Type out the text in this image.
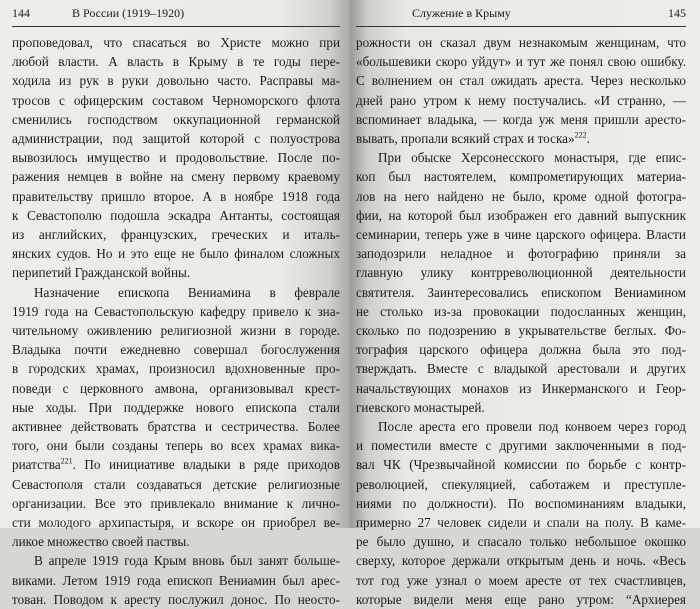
144	В России (1919–1920)
проповедовал, что спасаться во Христе можно при
любой власти. А власть в Крыму в те годы пере-
ходила из рук в руки довольно часто. Расправы ма-
тросов с офицерским составом Черноморского флота
сменились господством оккупационной германской
администрации, под защитой которой с полуострова
вывозилось имущество и продовольствие. После по-
ражения немцев в войне на смену первому краевому
правительству пришло второе. А в ноябре 1918 года
к Севастополю подошла эскадра Антанты, состоящая
из английских, французских, греческих и италь-
янских судов. Но и это еще не было финалом сложных
перипетий Гражданской войны.
Назначение епископа Вениамина в феврале
1919 года на Севастопольскую кафедру привело к зна-
чительному оживлению религиозной жизни в городе.
Владыка почти ежедневно совершал богослужения
в городских храмах, произносил вдохновенные про-
поведи с церковного амвона, организовывал крест-
ные ходы. При поддержке нового епископа стали
активнее действовать братства и сестричества. Более
того, они были созданы теперь во всех храмах вика-
риатства$^{221}$. По инициативе владыки в ряде приходов
Севастополя стали создаваться детские религиозные
организации. Все это привлекало внимание к лично-
сти молодого архипастыря, и вскоре он приобрел ве-
ликое множество своей паствы.
В апреле 1919 года Крым вновь был занят больше-
виками. Летом 1919 года епископ Вениамин был арес-
тован. Поводом к аресту послужил донос. По неосто-
Служение в Крыму	145
рожности он сказал двум незнакомым женщинам, что
«большевики скоро уйдут» и тут же понял свою ошибку.
С волнением он стал ожидать ареста. Через несколько
дней рано утром к нему постучались. «И странно, —
вспоминает владыка, — когда уж меня пришли аресто-
вывать, пропали всякий страх и тоска»$^{222}$.
При обыске Херсонесского монастыря, где епис-
коп был настоятелем, компрометирующих материа-
лов на него найдено не было, кроме одной фотогра-
фии, на которой был изображен его давний выпускник
семинарии, теперь уже в чине царского офицера. Власти
заподозрили неладное и фотографию приняли за
главную улику контрреволюционной деятельности
святителя. Заинтересовались епископом Вениамином
не столько из-за провокации подосланных женщин,
сколько по подозрению в укрывательстве беглых. Фо-
тография царского офицера должна была это под-
тверждать. Вместе с владыкой арестовали и других
начальствующих монахов из Инкерманского и Геор-
гиевского монастырей.
После ареста его провели под конвоем через город
и поместили вместе с другими заключенными в под-
вал ЧК (Чрезвычайной комиссии по борьбе с контр-
революцией, спекуляцией, саботажем и преступле-
ниями по должности). По воспоминаниям владыки,
примерно 27 человек сидели и спали на полу. В каме-
ре было душно, и спасало только небольшое окошко
сверху, которое держали открытым день и ночь. «Весь
тот год уже узнал о моем аресте от тех счастливцев,
которые видели меня еще рано утром: “Архиерея
